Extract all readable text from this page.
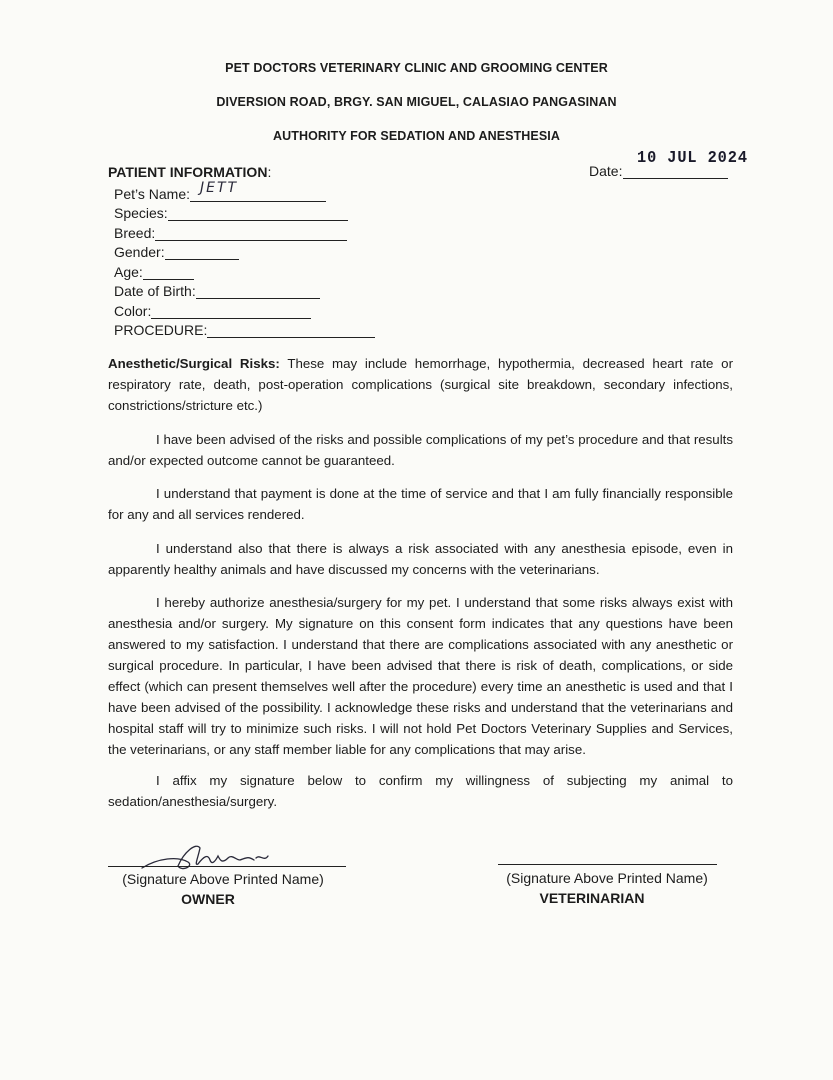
PET DOCTORS VETERINARY CLINIC AND GROOMING CENTER
DIVERSION ROAD, BRGY. SAN MIGUEL, CALASIAO PANGASINAN
AUTHORITY FOR SEDATION AND ANESTHESIA
10 JUL 2024
Date:
PATIENT INFORMATION:
Pet’s Name: JETT
Species:
Breed:
Gender:
Age:
Date of Birth:
Color:
PROCEDURE:
Anesthetic/Surgical Risks: These may include hemorrhage, hypothermia, decreased heart rate or respiratory rate, death, post-operation complications (surgical site breakdown, secondary infections, constrictions/stricture etc.)
I have been advised of the risks and possible complications of my pet’s procedure and that results and/or expected outcome cannot be guaranteed.
I understand that payment is done at the time of service and that I am fully financially responsible for any and all services rendered.
I understand also that there is always a risk associated with any anesthesia episode, even in apparently healthy animals and have discussed my concerns with the veterinarians.
I hereby authorize anesthesia/surgery for my pet. I understand that some risks always exist with anesthesia and/or surgery. My signature on this consent form indicates that any questions have been answered to my satisfaction. I understand that there are complications associated with any anesthetic or surgical procedure. In particular, I have been advised that there is risk of death, complications, or side effect (which can present themselves well after the procedure) every time an anesthetic is used and that I have been advised of the possibility. I acknowledge these risks and understand that the veterinarians and hospital staff will try to minimize such risks. I will not hold Pet Doctors Veterinary Supplies and Services, the veterinarians, or any staff member liable for any complications that may arise.
I affix my signature below to confirm my willingness of subjecting my animal to sedation/anesthesia/surgery.
(Signature Above Printed Name)
OWNER
(Signature Above Printed Name)
VETERINARIAN
